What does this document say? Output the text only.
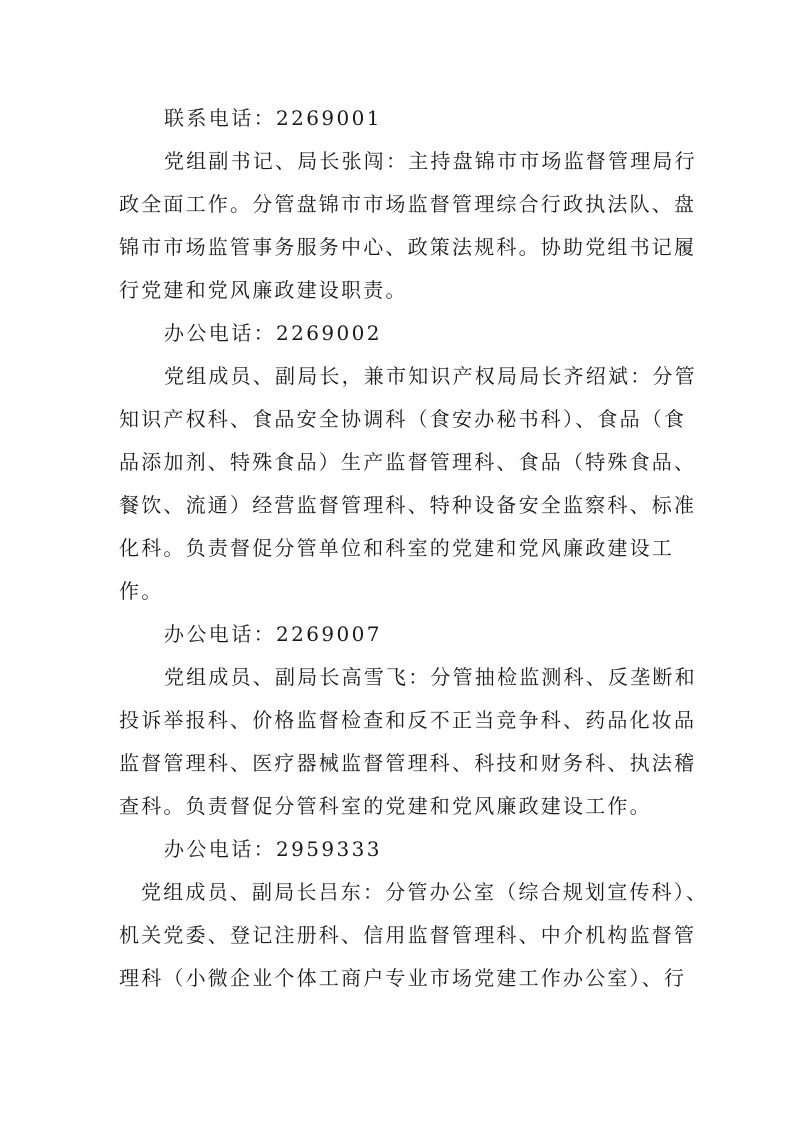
联系电话：2269001
党组副书记、局长张闯：主持盘锦市市场监督管理局行
政全面工作。分管盘锦市市场监督管理综合行政执法队、盘
锦市市场监管事务服务中心、政策法规科。协助党组书记履
行党建和党风廉政建设职责。
办公电话：2269002
党组成员、副局长，兼市知识产权局局长齐绍斌：分管
知识产权科、食品安全协调科（食安办秘书科）、食品（食
品添加剂、特殊食品）生产监督管理科、食品（特殊食品、
餐饮、流通）经营监督管理科、特种设备安全监察科、标准
化科。负责督促分管单位和科室的党建和党风廉政建设工
作。
办公电话：2269007
党组成员、副局长高雪飞：分管抽检监测科、反垄断和
投诉举报科、价格监督检查和反不正当竞争科、药品化妆品
监督管理科、医疗器械监督管理科、科技和财务科、执法稽
查科。负责督促分管科室的党建和党风廉政建设工作。
办公电话：2959333
党组成员、副局长吕东：分管办公室（综合规划宣传科）、
机关党委、登记注册科、信用监督管理科、中介机构监督管
理科（小微企业个体工商户专业市场党建工作办公室）、行
